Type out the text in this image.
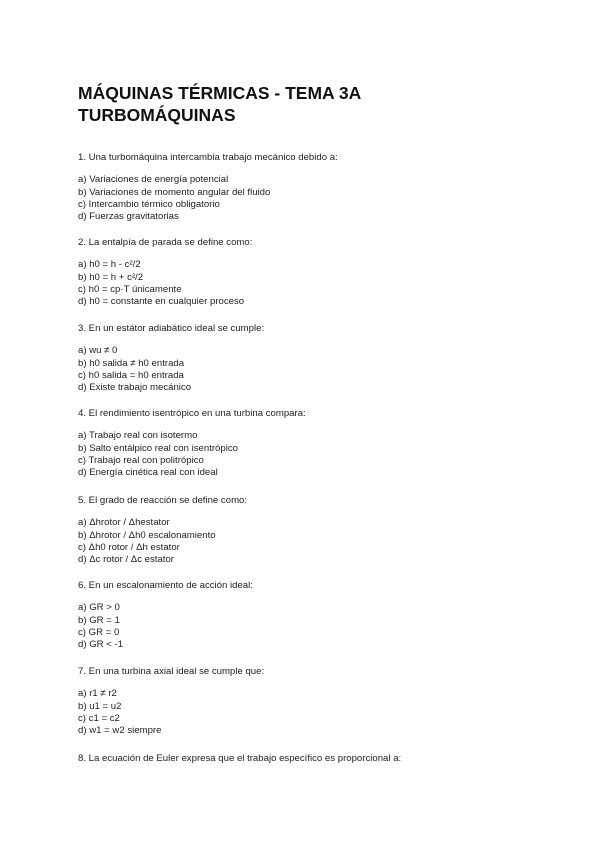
MÁQUINAS TÉRMICAS - TEMA 3A
TURBOMÁQUINAS
1. Una turbomáquina intercambia trabajo mecánico debido a:
a) Variaciones de energía potencial
b) Variaciones de momento angular del fluido
c) Intercambio térmico obligatorio
d) Fuerzas gravitatorias
2. La entalpía de parada se define como:
a) h0 = h - c²/2
b) h0 = h + c²/2
c) h0 = cp·T únicamente
d) h0 = constante en cualquier proceso
3. En un estátor adiabático ideal se cumple:
a) wu ≠ 0
b) h0 salida ≠ h0 entrada
c) h0 salida = h0 entrada
d) Existe trabajo mecánico
4. El rendimiento isentrópico en una turbina compara:
a) Trabajo real con isotermo
b) Salto entálpico real con isentrópico
c) Trabajo real con politrópico
d) Energía cinética real con ideal
5. El grado de reacción se define como:
a) Δhrotor / Δhestator
b) Δhrotor / Δh0 escalonamiento
c) Δh0 rotor / Δh estator
d) Δc rotor / Δc estator
6. En un escalonamiento de acción ideal:
a) GR > 0
b) GR = 1
c) GR = 0
d) GR < -1
7. En una turbina axial ideal se cumple que:
a) r1 ≠ r2
b) u1 = u2
c) c1 = c2
d) w1 = w2 siempre
8. La ecuación de Euler expresa que el trabajo específico es proporcional a:
